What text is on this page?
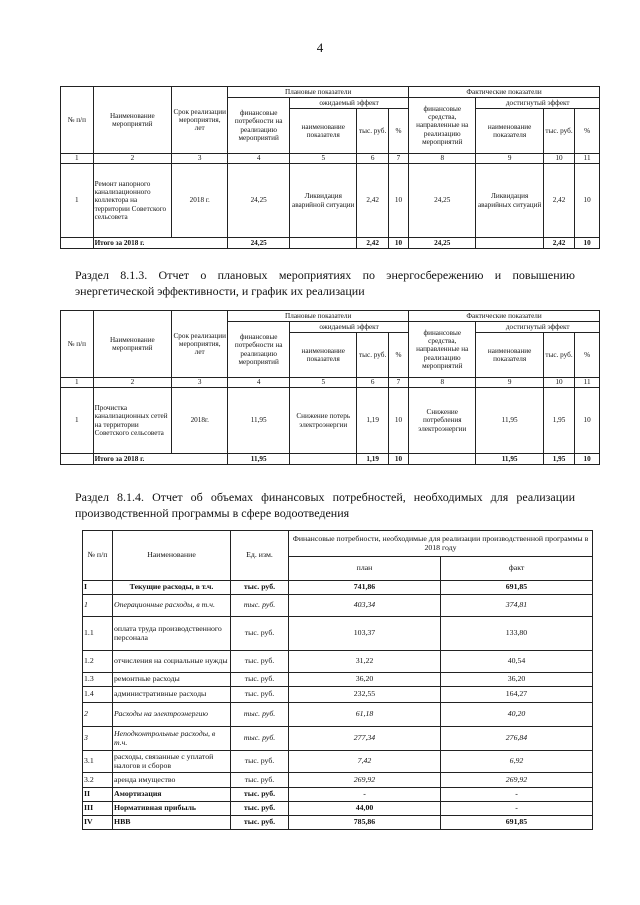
4
№ п/п	Наименование мероприятий	Срок реализации мероприятия, лет	Плановые показатели				Фактические показатели			
			финансовые потребности на реализацию мероприятий	ожидаемый эффект			финансовые средства, направленные на реализацию мероприятий	достигнутый эффект		
				наименование показателя	тыс. руб.	%		наименование показателя	тыс. руб.	%
1	2	3	4	5	6	7	8	9	10	11
1	Ремонт напорного канализационного коллектора на территории Советского сельсовета	2018 г.	24,25	Ликвидация аварийной ситуации	2,42	10	24,25	Ликвидация аварийных ситуаций	2,42	10
	Итого за 2018 г.		24,25		2,42	10	24,25		2,42	10
Раздел 8.1.3. Отчет о плановых мероприятиях по энергосбережению и повышению энергетической эффективности, и график их реализации
№ п/п	Наименование мероприятий	Срок реализации мероприятия, лет	Плановые показатели				Фактические показатели			
			финансовые потребности на реализацию мероприятий	ожидаемый эффект			финансовые средства, направленные на реализацию мероприятий	достигнутый эффект		
				наименование показателя	тыс. руб.	%		наименование показателя	тыс. руб.	%
1	2	3	4	5	6	7	8	9	10	11
1	Прочистка канализационных сетей на территории Советского сельсовета	2018г.	11,95	Снижение потерь электроэнергии	1,19	10	Снижение потребления электроэнергии	11,95	1,95	10
	Итого за 2018 г.		11,95		1,19	10		11,95	1,95	10
Раздел 8.1.4. Отчет об объемах финансовых потребностей, необходимых для реализации производственной программы в сфере водоотведения
№ п/п	Наименование	Ед. изм.	Финансовые потребности, необходимые для реализации производственной программы в 2018 году	
			план	факт
I	Текущие расходы, в т.ч.	тыс. руб.	741,86	691,85
1	Операционные расходы, в т.ч.	тыс. руб.	403,34	374,81
1.1	оплата труда производственного персонала	тыс. руб.	103,37	133,80
1.2	отчисления на социальные нужды	тыс. руб.	31,22	40,54
1.3	ремонтные расходы	тыс. руб.	36,20	36,20
1.4	административные расходы	тыс. руб.	232,55	164,27
2	Расходы на электроэнергию	тыс. руб.	61,18	40,20
3	Неподконтрольные расходы, в т.ч.	тыс. руб.	277,34	276,84
3.1	расходы, связанные с уплатой налогов и сборов	тыс. руб.	7,42	6,92
3.2	аренда имущество	тыс. руб.	269,92	269,92
II	Амортизация	тыс. руб.	-	-
III	Нормативная прибыль	тыс. руб.	44,00	-
IV	НВВ	тыс. руб.	785,86	691,85
